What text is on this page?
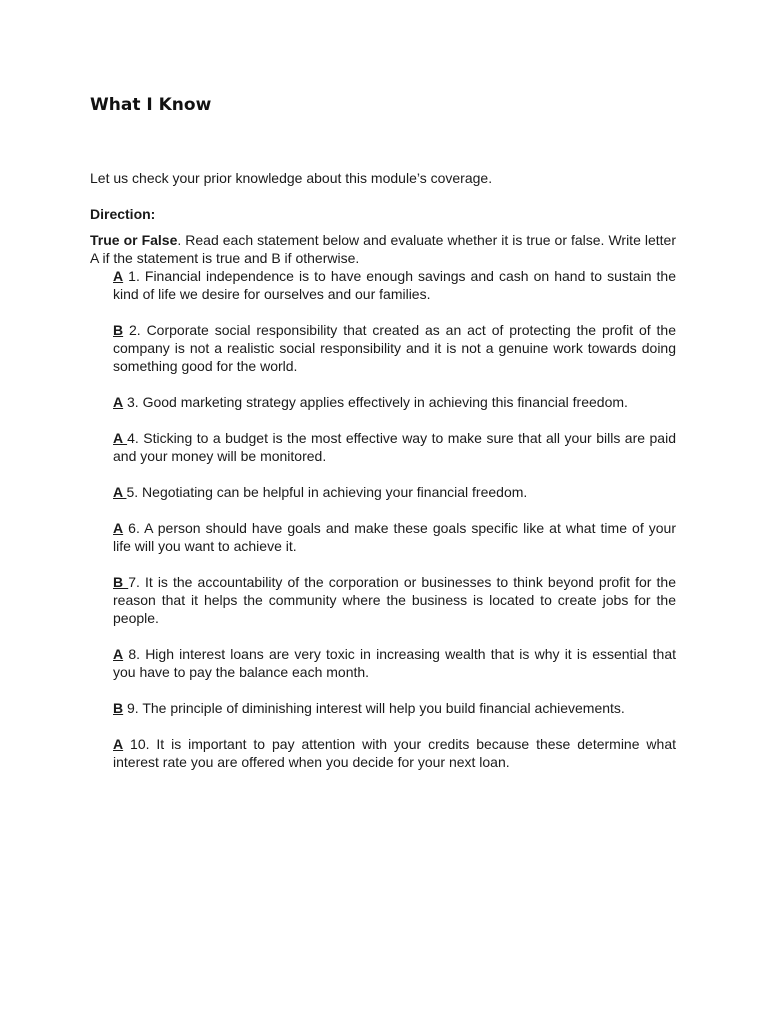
What I Know

Let us check your prior knowledge about this module’s coverage.

Direction:

True or False. Read each statement below and evaluate whether it is true or false. Write letter A if the statement is true and B if otherwise.

A 1. Financial independence is to have enough savings and cash on hand to sustain the kind of life we desire for ourselves and our families.
B 2. Corporate social responsibility that created as an act of protecting the profit of the company is not a realistic social responsibility and it is not a genuine work towards doing something good for the world.
A 3. Good marketing strategy applies effectively in achieving this financial freedom.
A 4. Sticking to a budget is the most effective way to make sure that all your bills are paid and your money will be monitored.
A 5. Negotiating can be helpful in achieving your financial freedom.
A 6. A person should have goals and make these goals specific like at what time of your life will you want to achieve it.
B 7. It is the accountability of the corporation or businesses to think beyond profit for the reason that it helps the community where the business is located to create jobs for the people.
A 8. High interest loans are very toxic in increasing wealth that is why it is essential that you have to pay the balance each month.
B 9. The principle of diminishing interest will help you build financial achievements.
A 10. It is important to pay attention with your credits because these determine what interest rate you are offered when you decide for your next loan.
